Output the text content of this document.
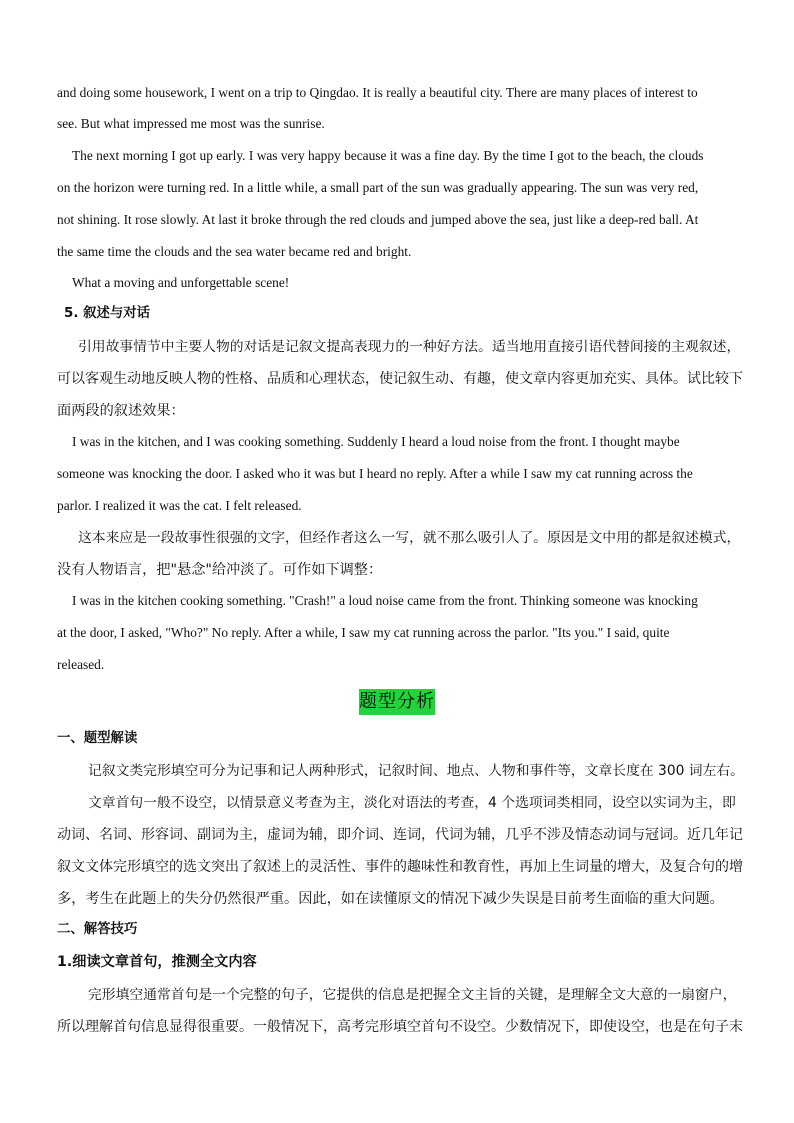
and doing some housework, I went on a trip to Qingdao. It is really a beautiful city. There are many places of interest to
see. But what impressed me most was the sunrise.
The next morning I got up early. I was very happy because it was a fine day. By the time I got to the beach, the clouds
on the horizon were turning red. In a little while, a small part of the sun was gradually appearing. The sun was very red,
not shining. It rose slowly. At last it broke through the red clouds and jumped above the sea, just like a deep-red ball. At
the same time the clouds and the sea water became red and bright.
What a moving and unforgettable scene!
5. 叙述与对话
引用故事情节中主要人物的对话是记叙文提高表现力的一种好方法。适当地用直接引语代替间接的主观叙述，
可以客观生动地反映人物的性格、品质和心理状态，使记叙生动、有趣，使文章内容更加充实、具体。试比较下
面两段的叙述效果：
I was in the kitchen, and I was cooking something. Suddenly I heard a loud noise from the front. I thought maybe
someone was knocking the door. I asked who it was but I heard no reply. After a while I saw my cat running across the
parlor. I realized it was the cat. I felt released.
这本来应是一段故事性很强的文字，但经作者这么一写，就不那么吸引人了。原因是文中用的都是叙述模式，
没有人物语言，把"悬念"给冲淡了。可作如下调整：
I was in the kitchen cooking something. "Crash!" a loud noise came from the front. Thinking someone was knocking
at the door, I asked, "Who?" No reply. After a while, I saw my cat running across the parlor. "Its you." I said, quite
released.
题型分析
一、题型解读
记叙文类完形填空可分为记事和记人两种形式，记叙时间、地点、人物和事件等，文章长度在 300 词左右。
文章首句一般不设空，以情景意义考查为主，淡化对语法的考查，4 个选项词类相同，设空以实词为主，即
动词、名词、形容词、副词为主，虚词为辅，即介词、连词，代词为辅，几乎不涉及情态动词与冠词。近几年记
叙文文体完形填空的选文突出了叙述上的灵活性、事件的趣味性和教育性，再加上生词量的增大，及复合句的增
多，考生在此题上的失分仍然很严重。因此，如在读懂原文的情况下减少失误是目前考生面临的重大问题。
二、解答技巧
1.细读文章首句，推测全文内容
完形填空通常首句是一个完整的句子，它提供的信息是把握全文主旨的关键，是理解全文大意的一扇窗户，
所以理解首句信息显得很重要。一般情况下，高考完形填空首句不设空。少数情况下，即使设空，也是在句子末
